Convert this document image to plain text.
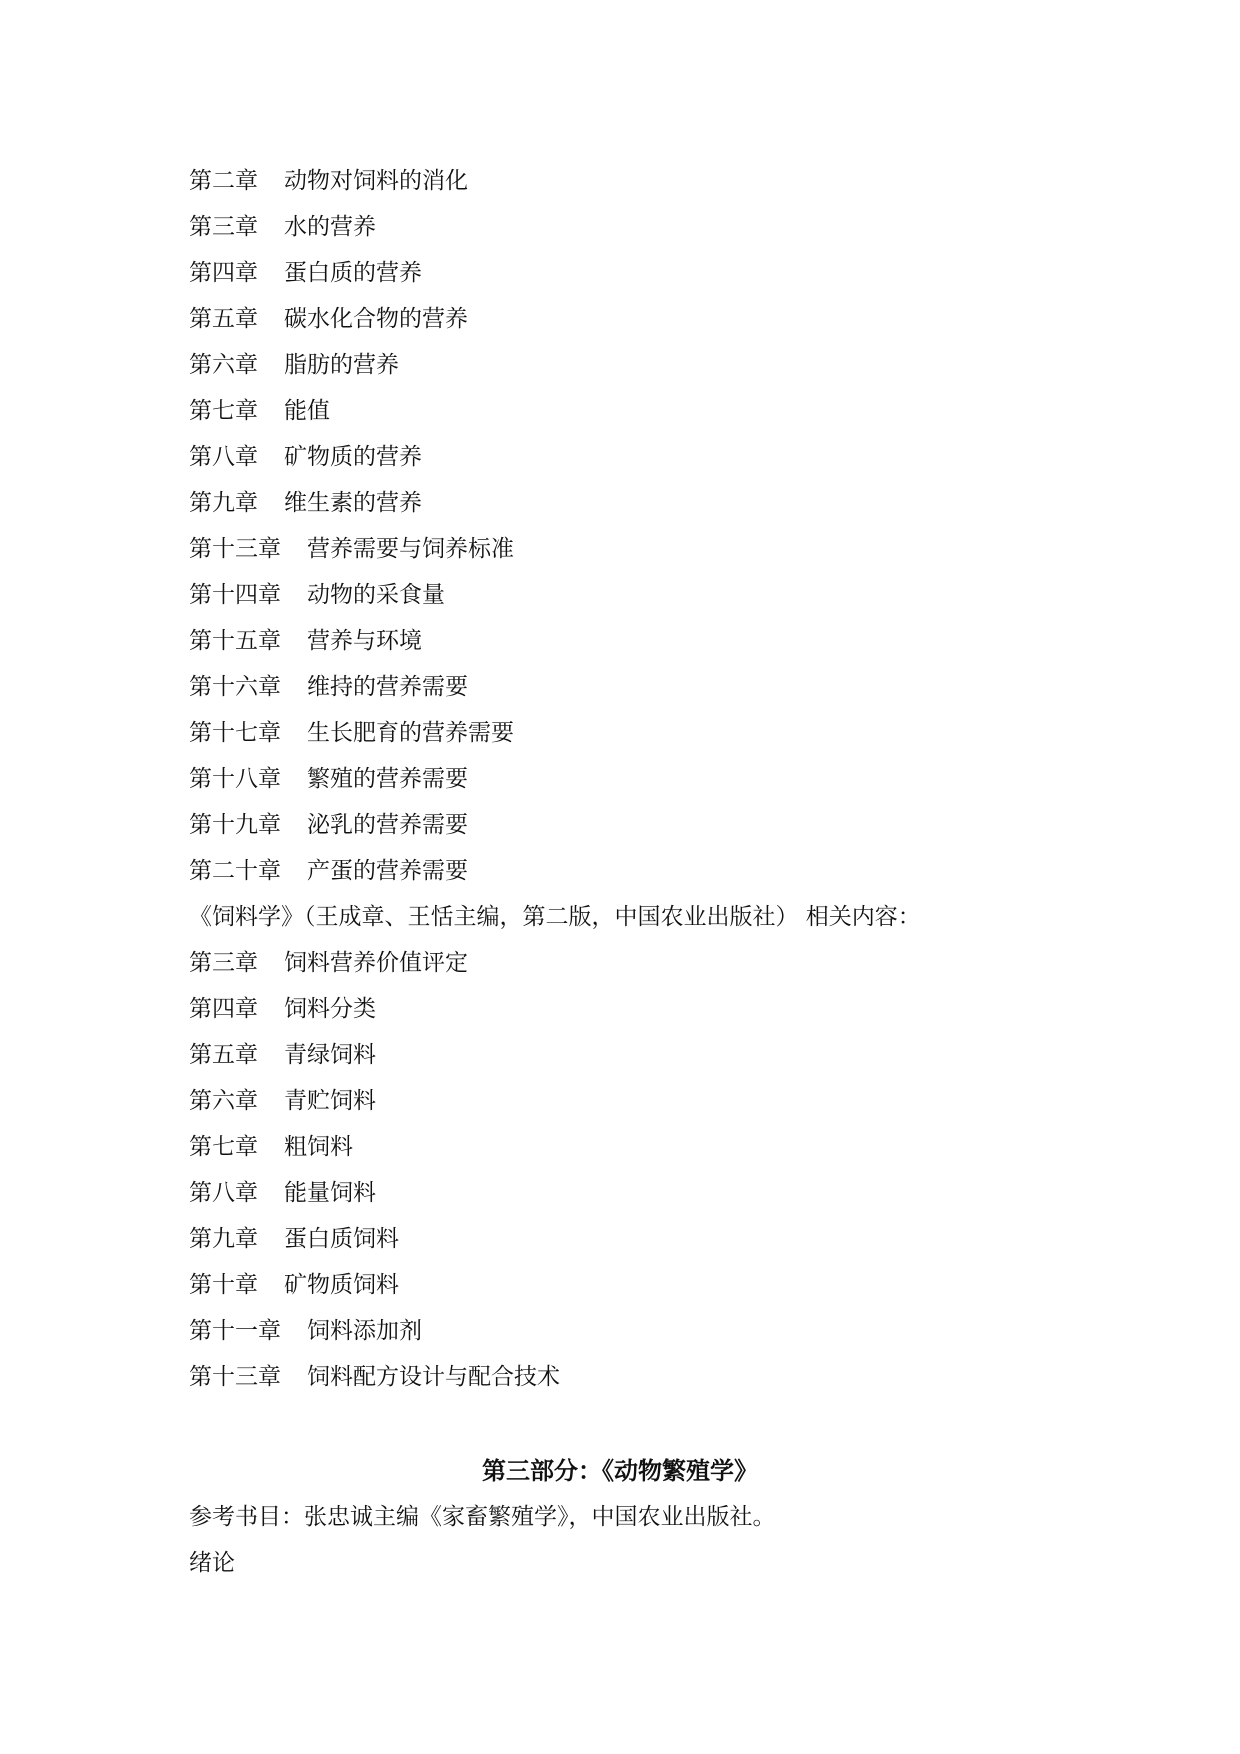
第二章 动物对饲料的消化
第三章 水的营养
第四章 蛋白质的营养
第五章 碳水化合物的营养
第六章 脂肪的营养
第七章 能值
第八章 矿物质的营养
第九章 维生素的营养
第十三章 营养需要与饲养标准
第十四章 动物的采食量
第十五章 营养与环境
第十六章 维持的营养需要
第十七章 生长肥育的营养需要
第十八章 繁殖的营养需要
第十九章 泌乳的营养需要
第二十章 产蛋的营养需要
《饲料学》（王成章、王恬主编，第二版，中国农业出版社） 相关内容：
第三章 饲料营养价值评定
第四章 饲料分类
第五章 青绿饲料
第六章 青贮饲料
第七章 粗饲料
第八章 能量饲料
第九章 蛋白质饲料
第十章 矿物质饲料
第十一章 饲料添加剂
第十三章 饲料配方设计与配合技术
第三部分：《动物繁殖学》
参考书目：张忠诚主编《家畜繁殖学》，中国农业出版社。
绪论
